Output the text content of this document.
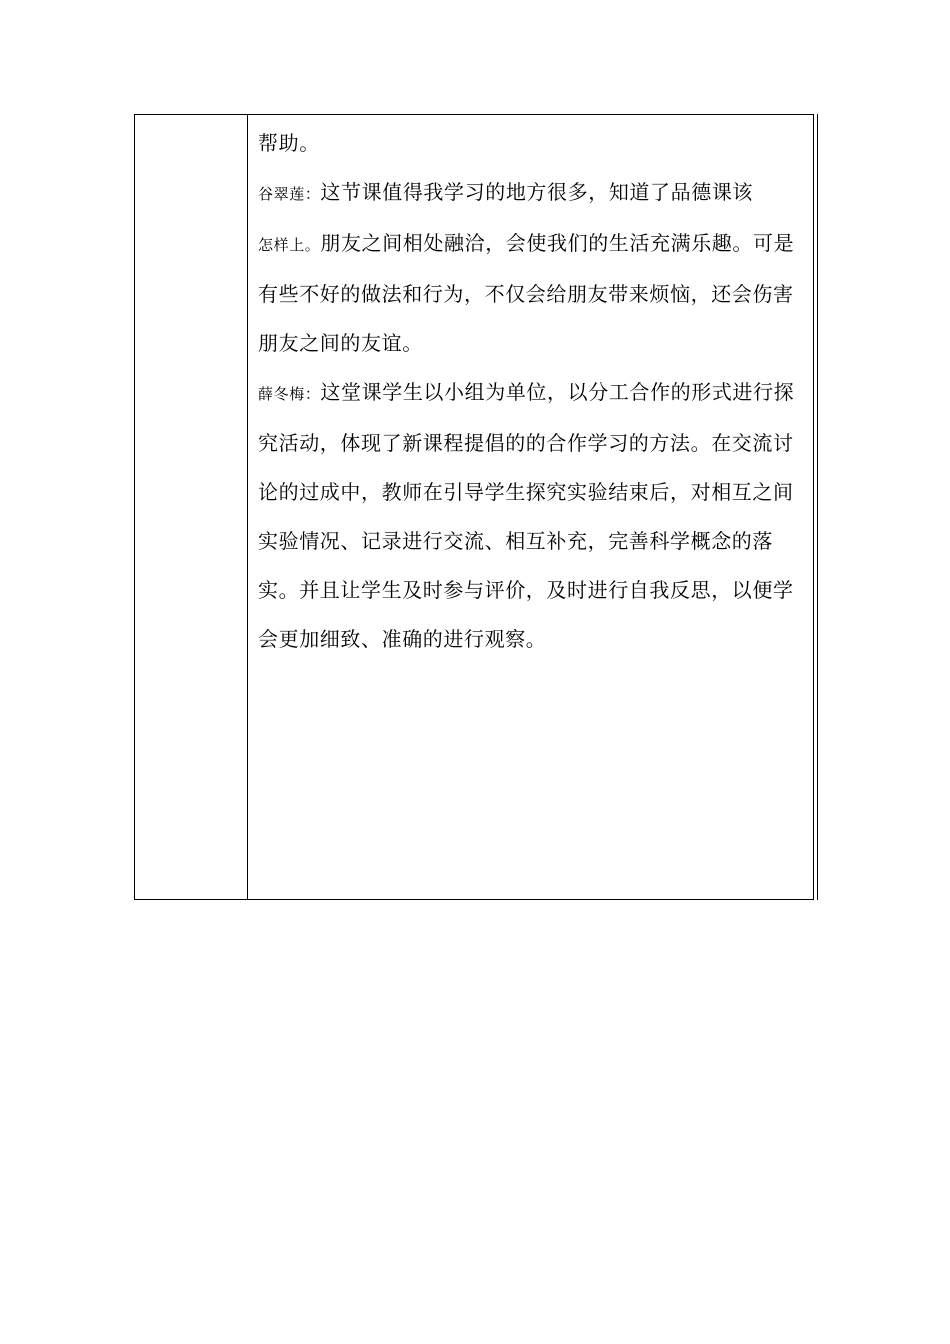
帮助。

谷翠莲：这节课值得我学习的地方很多，知道了品德课该
怎样上。朋友之间相处融洽，会使我们的生活充满乐趣。可是有些不好的做法和行为，不仅会给朋友带来烦恼，还会伤害朋友之间的友谊。

薛冬梅：这堂课学生以小组为单位，以分工合作的形式进行探究活动，体现了新课程提倡的的合作学习的方法。在交流讨论的过成中，教师在引导学生探究实验结束后，对相互之间实验情况、记录进行交流、相互补充，完善科学概念的落实。并且让学生及时参与评价，及时进行自我反思，以便学会更加细致、准确的进行观察。
